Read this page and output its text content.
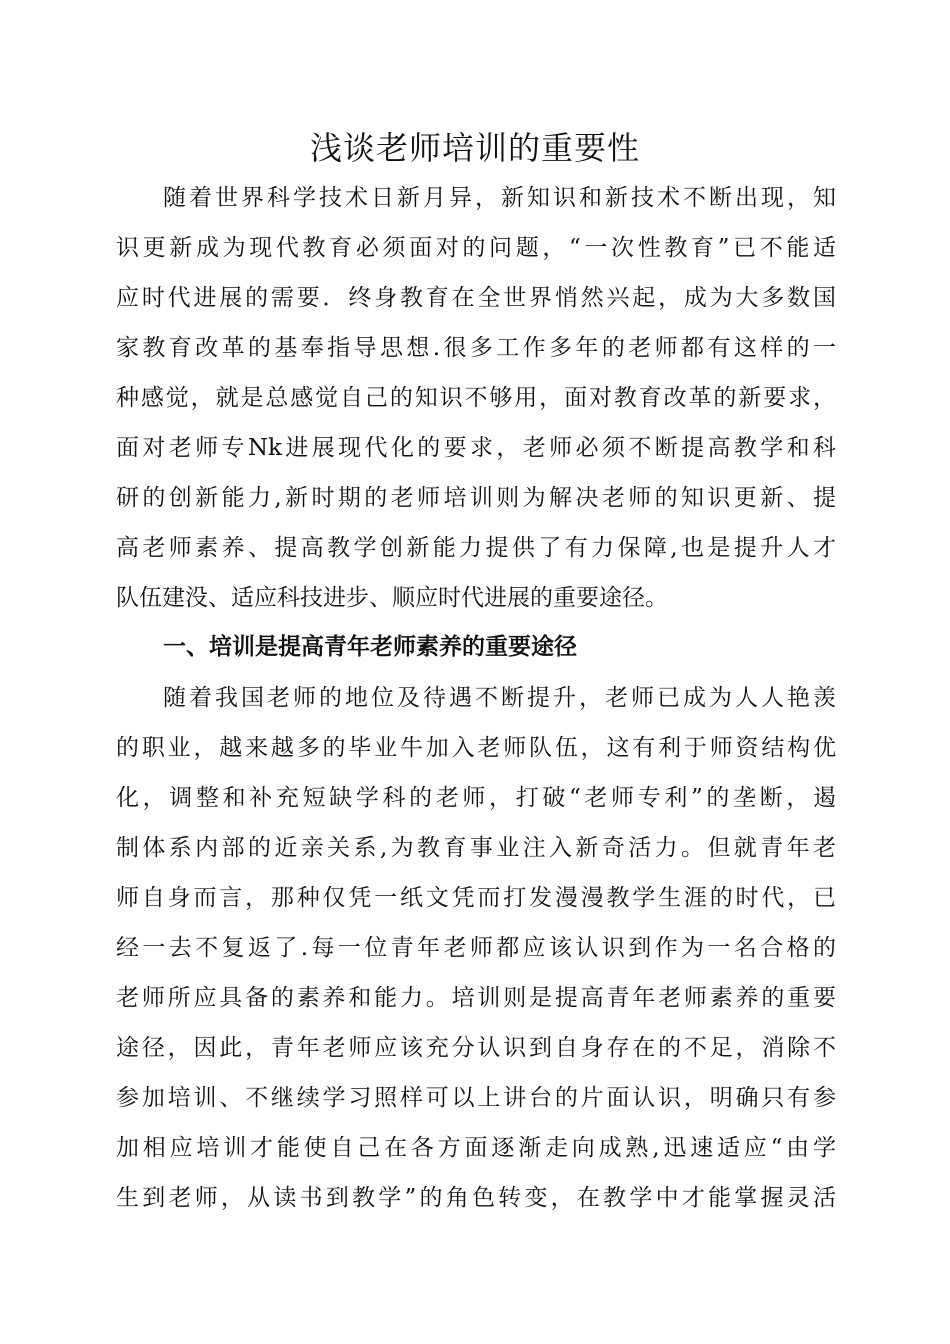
浅谈老师培训的重要性

随着世界科学技术日新月异，新知识和新技术不断出现，知

识更新成为现代教育必须面对的问题，“一次性教育”已不能适

应时代进展的需要．终身教育在全世界悄然兴起，成为大多数国

家教育改革的基奉指导思想.很多工作多年的老师都有这样的一

种感觉，就是总感觉自己的知识不够用，面对教育改革的新要求，

面对老师专Nk进展现代化的要求，老师必须不断提高教学和科

研的创新能力,新时期的老师培训则为解决老师的知识更新、提

高老师素养、提高教学创新能力提供了有力保障,也是提升人才

队伍建没、适应科技进步、顺应时代进展的重要途径。

一、培训是提高青年老师素养的重要途径

随着我国老师的地位及待遇不断提升，老师已成为人人艳羡

的职业，越来越多的毕业牛加入老师队伍，这有利于师资结构优

化，调整和补充短缺学科的老师，打破“老师专利”的垄断，遏

制体系内部的近亲关系,为教育事业注入新奇活力。但就青年老

师自身而言，那种仅凭一纸文凭而打发漫漫教学生涯的时代，已

经一去不复返了.每一位青年老师都应该认识到作为一名合格的

老师所应具备的素养和能力。培训则是提高青年老师素养的重要

途径，因此，青年老师应该充分认识到自身存在的不足，消除不

参加培训、不继续学习照样可以上讲台的片面认识，明确只有参

加相应培训才能使自己在各方面逐渐走向成熟,迅速适应“由学

生到老师，从读书到教学”的角色转变，在教学中才能掌握灵活
